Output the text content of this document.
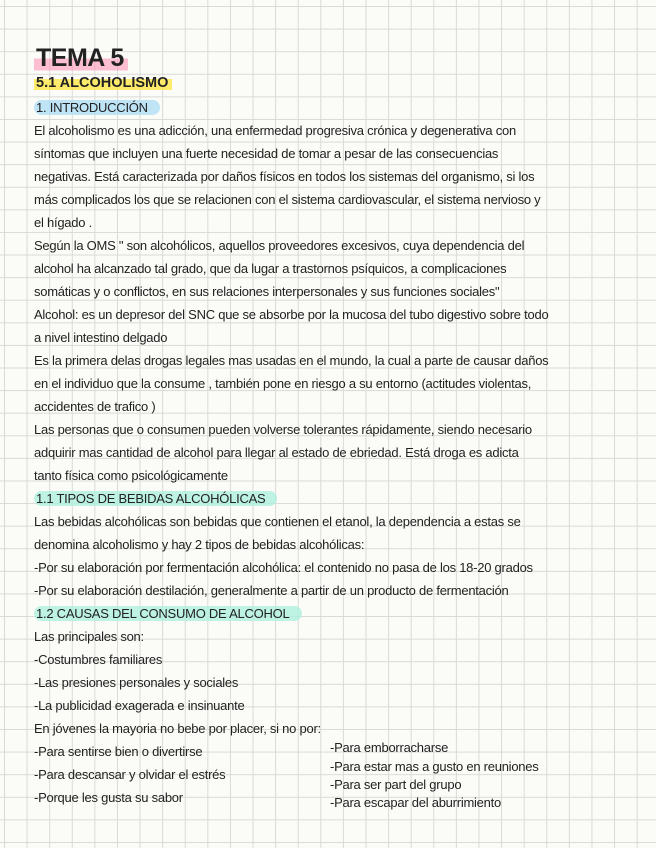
TEMA 5
5.1 ALCOHOLISMO
1. INTRODUCCIÓN
El alcoholismo es una adicción, una enfermedad progresiva crónica y degenerativa con
síntomas que incluyen una fuerte necesidad de tomar a pesar de las consecuencias
negativas. Está caracterizada por daños físicos en todos los sistemas del organismo, si los
más complicados los que se relacionen con el sistema cardiovascular, el sistema nervioso y
el hígado .
Según la OMS " son alcohólicos, aquellos proveedores excesivos, cuya dependencia del
alcohol ha alcanzado tal grado, que da lugar a trastornos psíquicos, a complicaciones
somáticas y o conflictos, en sus relaciones interpersonales y sus funciones sociales"
Alcohol: es un depresor del SNC que se absorbe por la mucosa del tubo digestivo sobre todo
a nivel intestino delgado
Es la primera delas drogas legales mas usadas en el mundo, la cual a parte de causar daños
en el individuo que la consume , también pone en riesgo a su entorno (actitudes violentas,
accidentes de trafico )
Las personas que o consumen pueden volverse tolerantes rápidamente, siendo necesario
adquirir mas cantidad de alcohol para llegar al estado de ebriedad. Está droga es adicta
tanto física como psicológicamente
1.1 TIPOS DE BEBIDAS ALCOHÓLICAS
Las bebidas alcohólicas son bebidas que contienen el etanol, la dependencia a estas se
denomina alcoholismo y hay 2 tipos de bebidas alcohólicas:
-Por su elaboración por fermentación alcohólica: el contenido no pasa de los 18-20 grados
-Por su elaboración destilación, generalmente a partir de un producto de fermentación
1.2 CAUSAS DEL CONSUMO DE ALCOHOL
Las principales son:
-Costumbres familiares
-Las presiones personales y sociales
-La publicidad exagerada e insinuante
En jóvenes la mayoria no bebe por placer, si no por:
-Para sentirse bien o divertirse
-Para descansar y olvidar el estrés
-Porque les gusta su sabor
-Para emborracharse
-Para estar mas a gusto en reuniones
-Para ser part del grupo
-Para escapar del aburrimiento
